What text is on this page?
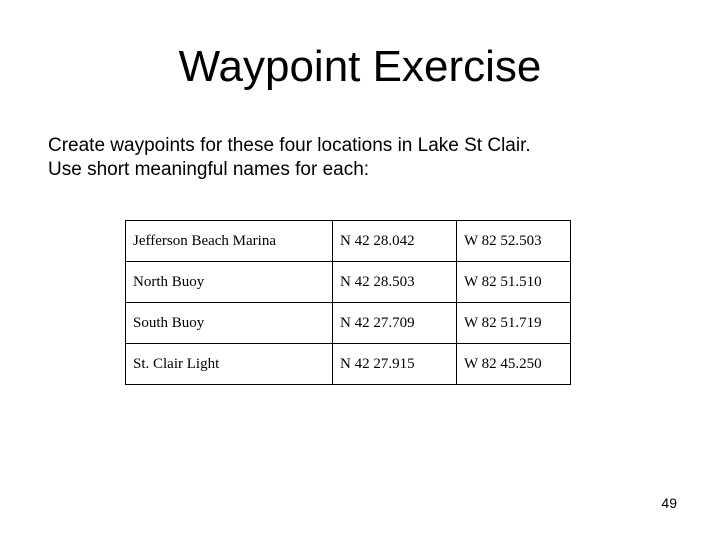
Waypoint Exercise
Create waypoints for these four locations in Lake St Clair.
Use short meaningful names for each:
Jefferson Beach Marina	N 42 28.042	W 82 52.503
North Buoy	N 42 28.503	W 82 51.510
South Buoy	N 42 27.709	W 82 51.719
St. Clair Light	N 42 27.915	W 82 45.250
49
